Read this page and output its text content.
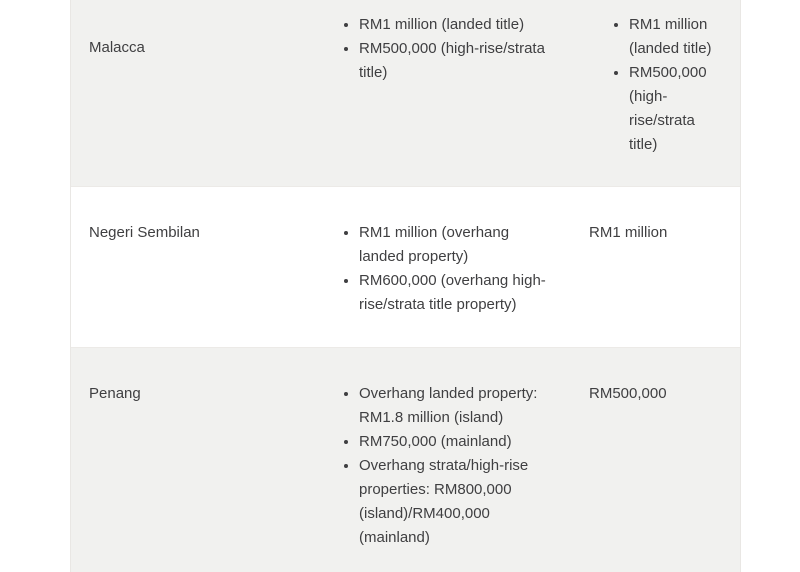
Malacca
• RM1 million (landed title)
• RM500,000 (high-rise/strata title)
• RM1 million (landed title)
• RM500,000 (high-rise/strata title)
Negeri Sembilan	• RM1 million (overhang landed property)
• RM600,000 (overhang high-rise/strata title property)
RM1 million
Penang	• Overhang landed property: RM1.8 million (island)
• RM750,000 (mainland)
• Overhang strata/high-rise properties: RM800,000 (island)/RM400,000 (mainland)
RM500,000
